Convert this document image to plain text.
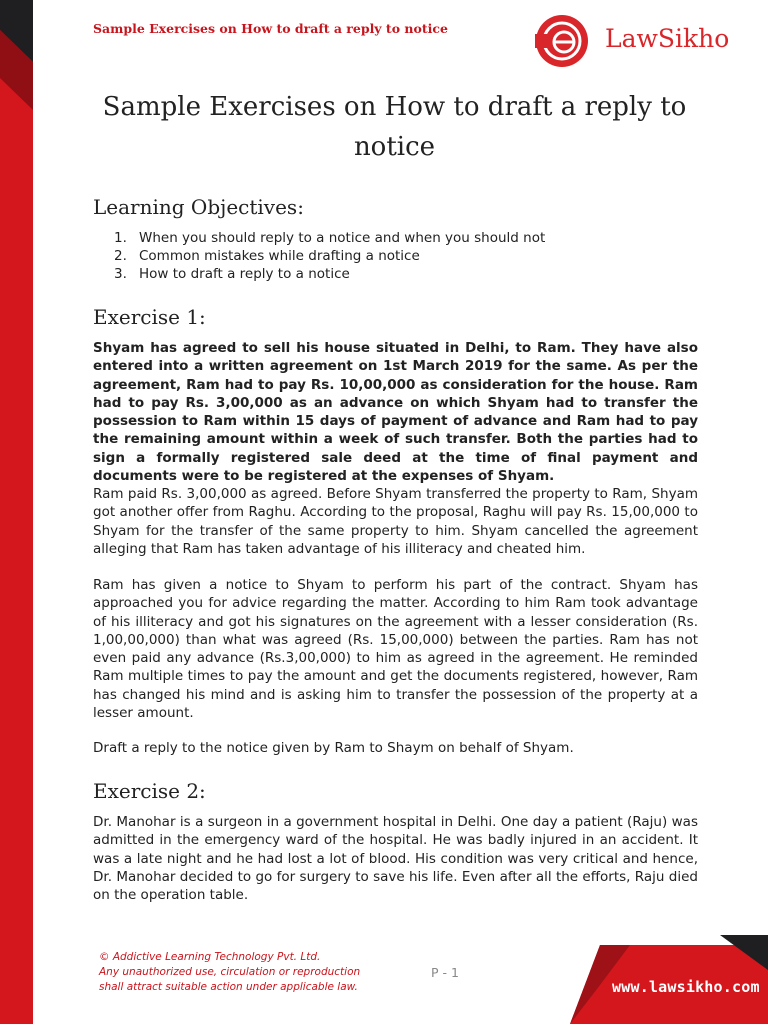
Sample Exercises on How to draft a reply to notice	LawSikho
Sample Exercises on How to draft a reply to
notice
Learning Objectives:
1. When you should reply to a notice and when you should not
2. Common mistakes while drafting a notice
3. How to draft a reply to a notice
Exercise 1:

Shyam has agreed to sell his house situated in Delhi, to Ram. They have also entered into a written agreement on 1st March 2019 for the same. As per the agreement, Ram had to pay Rs. 10,00,000 as consideration for the house. Ram had to pay Rs. 3,00,000 as an advance on which Shyam had to transfer the possession to Ram within 15 days of payment of advance and Ram had to pay the remaining amount within a week of such transfer. Both the parties had to sign a formally registered sale deed at the time of final payment and documents were to be registered at the expenses of Shyam.

Ram paid Rs. 3,00,000 as agreed. Before Shyam transferred the property to Ram, Shyam got another offer from Raghu. According to the proposal, Raghu will pay Rs. 15,00,000 to Shyam for the transfer of the same property to him. Shyam cancelled the agreement alleging that Ram has taken advantage of his illiteracy and cheated him.

Ram has given a notice to Shyam to perform his part of the contract. Shyam has approached you for advice regarding the matter. According to him Ram took advantage of his illiteracy and got his signatures on the agreement with a lesser consideration (Rs. 1,00,00,000) than what was agreed (Rs. 15,00,000) between the parties. Ram has not even paid any advance (Rs.3,00,000) to him as agreed in the agreement. He reminded Ram multiple times to pay the amount and get the documents registered, however, Ram has changed his mind and is asking him to transfer the possession of the property at a lesser amount.

Draft a reply to the notice given by Ram to Shaym on behalf of Shyam.

Exercise 2:

Dr. Manohar is a surgeon in a government hospital in Delhi. One day a patient (Raju) was admitted in the emergency ward of the hospital. He was badly injured in an accident. It was a late night and he had lost a lot of blood. His condition was very critical and hence, Dr. Manohar decided to go for surgery to save his life. Even after all the efforts, Raju died on the operation table.

© Addictive Learning Technology Pvt. Ltd.
Any unauthorized use, circulation or reproduction
shall attract suitable action under applicable law.
P - 1
www.lawsikho.com
